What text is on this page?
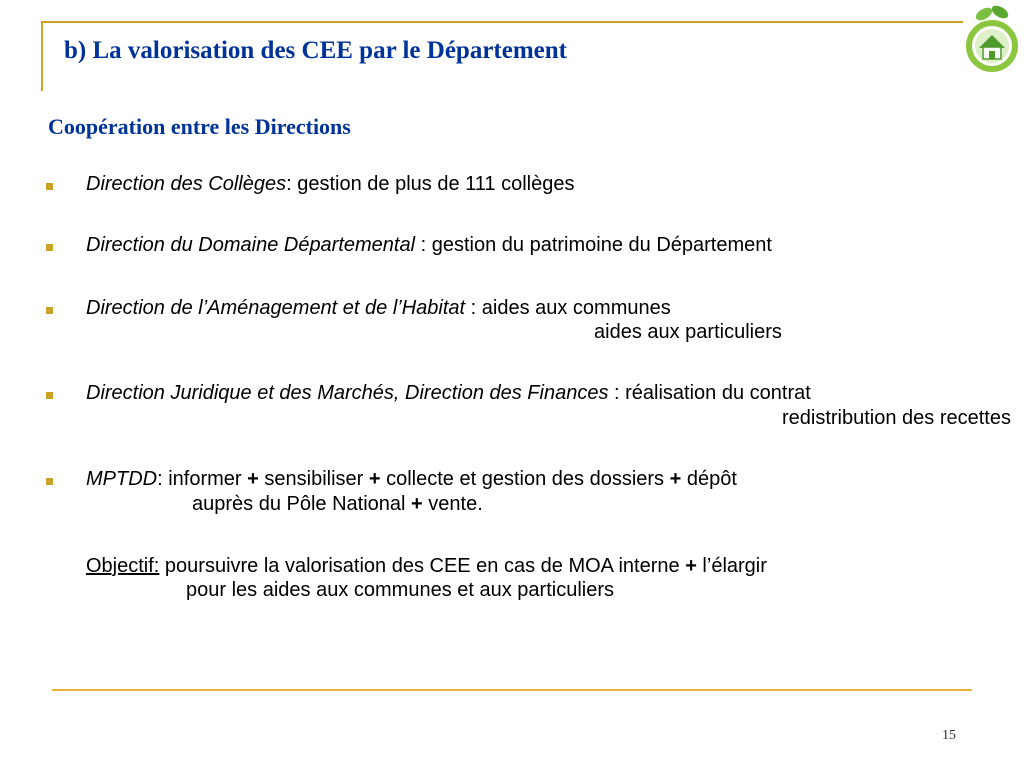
b) La valorisation des CEE par le Département
Coopération entre les Directions
Direction des Collèges: gestion de plus de 111 collèges
Direction du Domaine Départemental : gestion du patrimoine du Département
Direction de l’Aménagement et de l’Habitat : aides aux communes
aides aux particuliers
Direction Juridique et des Marchés, Direction des Finances : réalisation du contrat
redistribution des recettes
MPTDD: informer + sensibiliser + collecte et gestion des dossiers + dépôt
auprès du Pôle National + vente.
Objectif: poursuivre la valorisation des CEE en cas de MOA interne + l’élargir
pour les aides aux communes et aux particuliers
15
